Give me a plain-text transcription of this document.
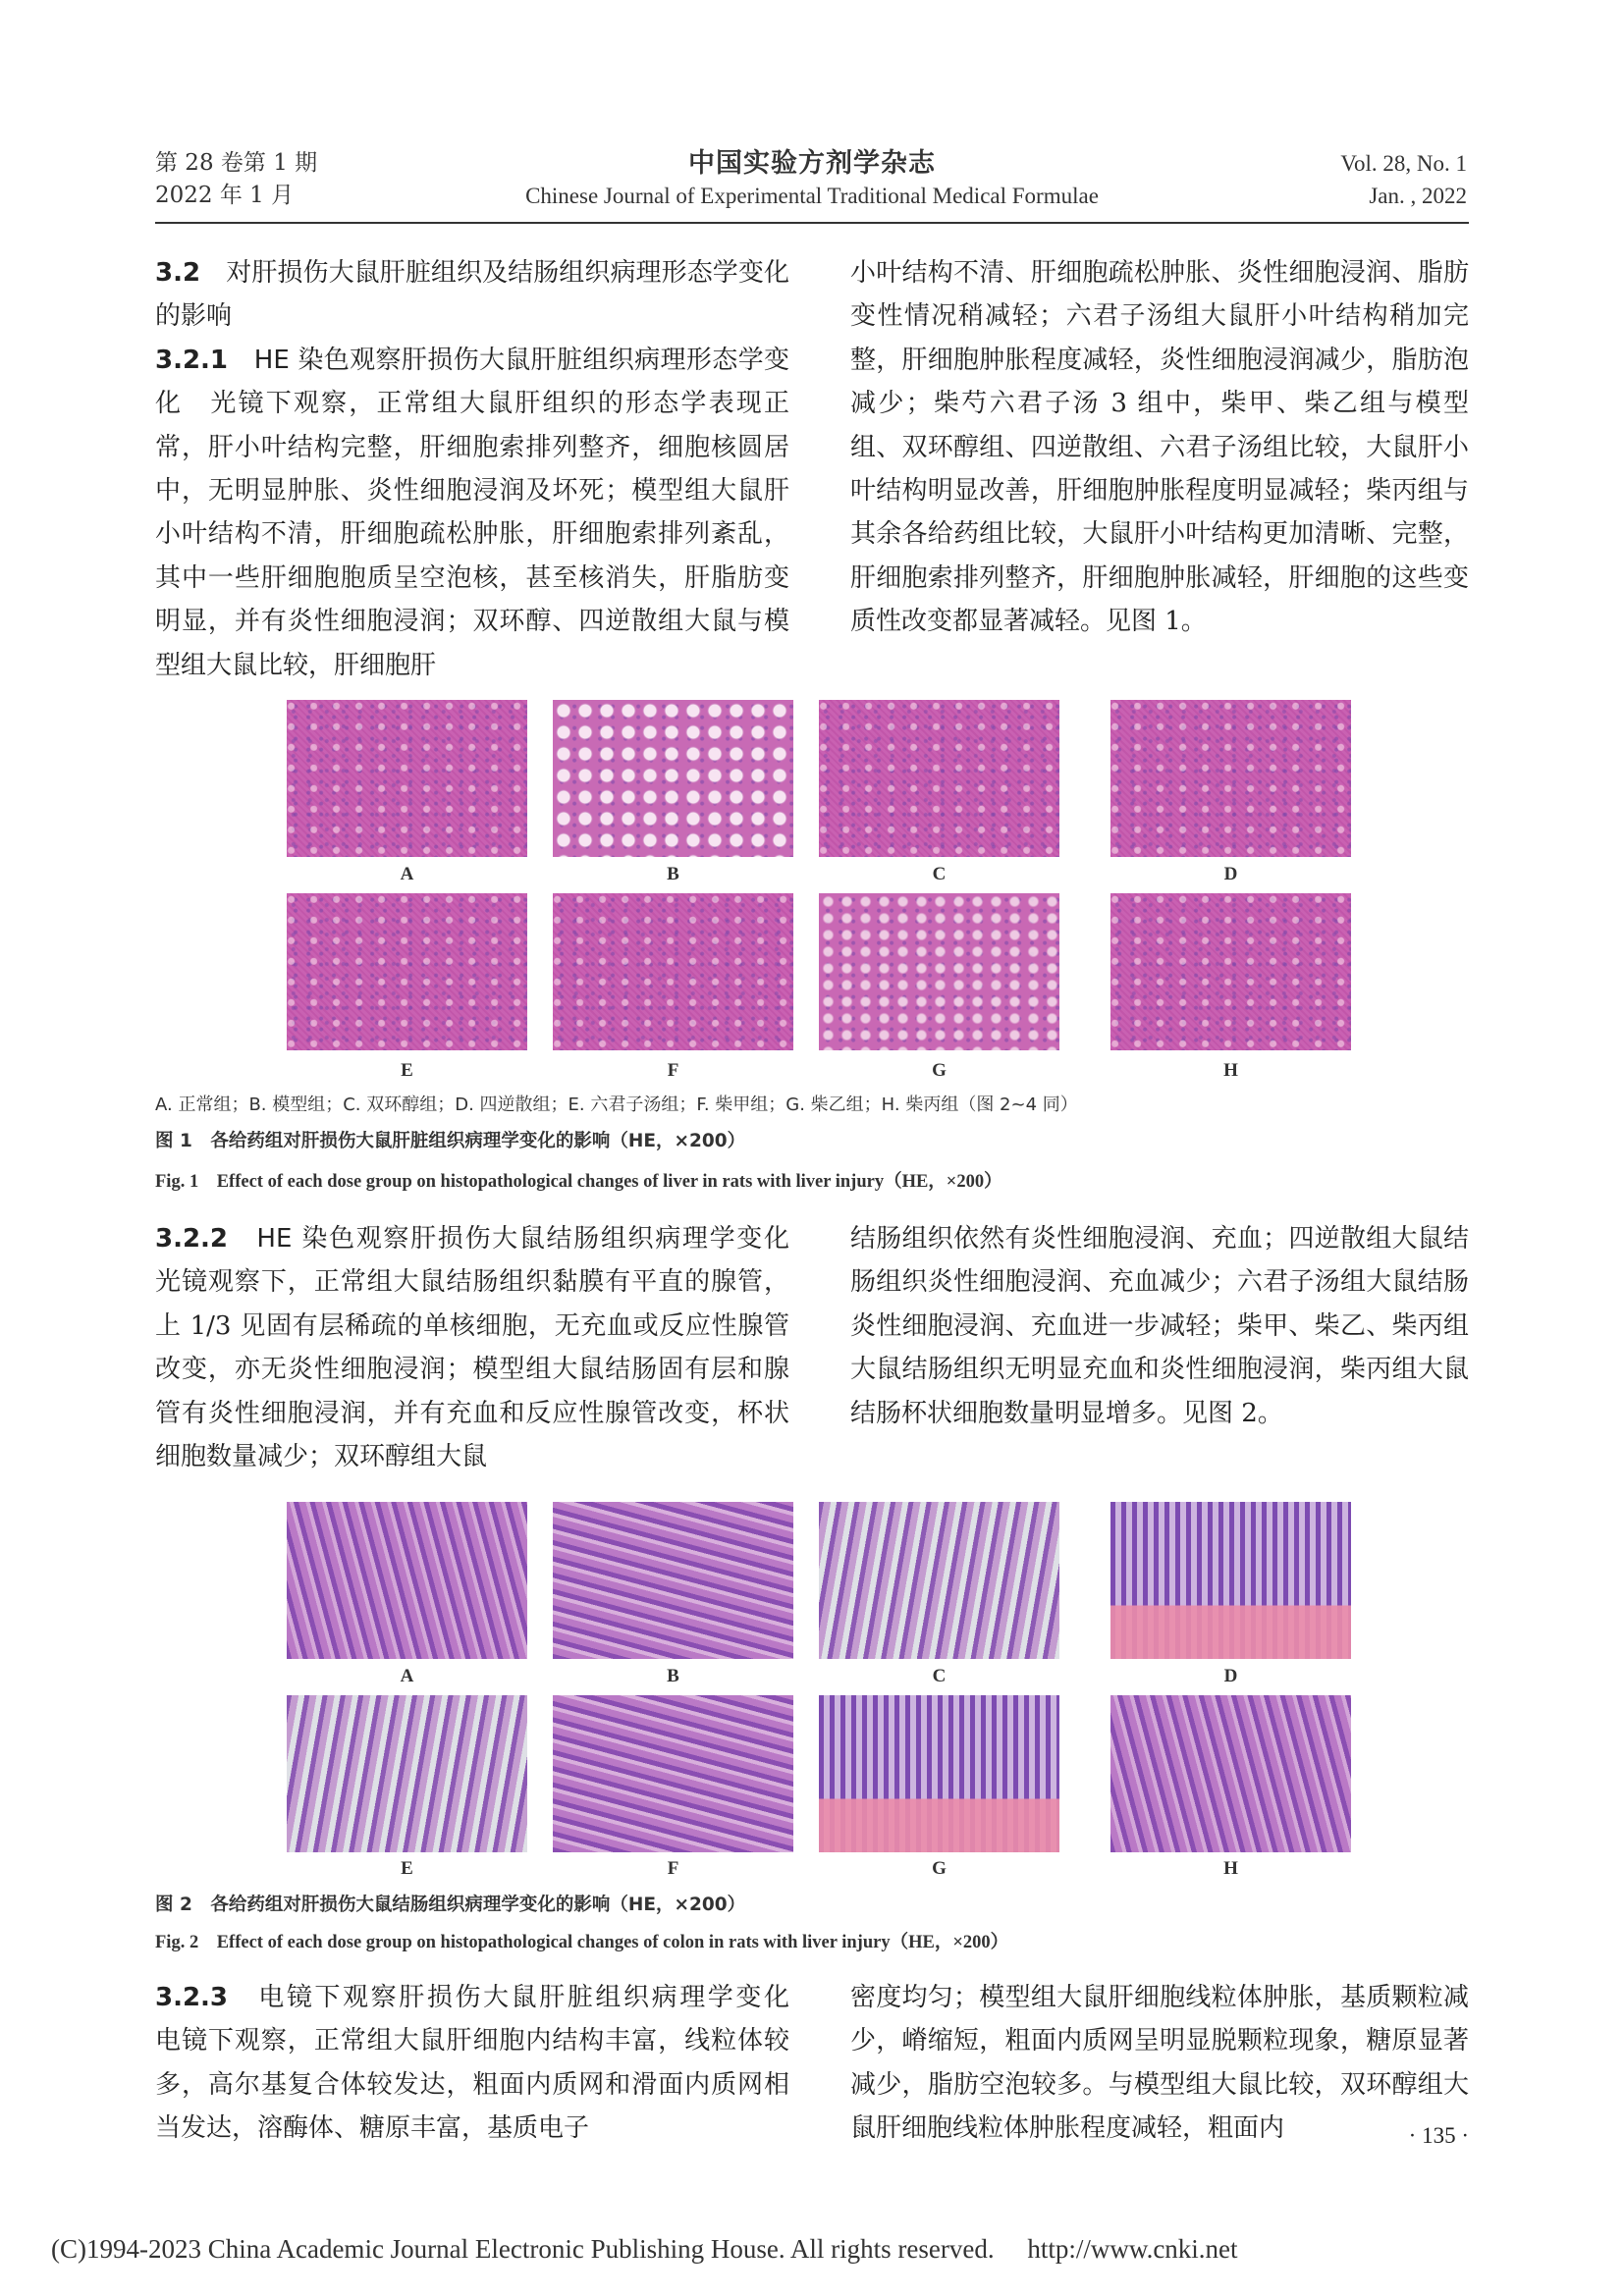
第 28 卷第 1 期
2022 年 1 月
中国实验方剂学杂志
Chinese Journal of Experimental Traditional Medical Formulae
Vol. 28, No. 1
Jan. , 2022

3.2　 对肝损伤大鼠肝脏组织及结肠组织病理形态学变化的影响

3.2.1　 HE 染色观察肝损伤大鼠肝脏组织病理形态学变化　 光镜下观察，正常组大鼠肝组织的形态学表现正常，肝小叶结构完整，肝细胞索排列整齐，细胞核圆居中，无明显肿胀、炎性细胞浸润及坏死；模型组大鼠肝小叶结构不清，肝细胞疏松肿胀，肝细胞索排列紊乱，其中一些肝细胞胞质呈空泡核，甚至核消失，肝脂肪变明显，并有炎性细胞浸润；双环醇、四逆散组大鼠与模型组大鼠比较，肝细胞肝

小叶结构不清、肝细胞疏松肿胀、炎性细胞浸润、脂肪变性情况稍减轻；六君子汤组大鼠肝小叶结构稍加完整，肝细胞肿胀程度减轻，炎性细胞浸润减少，脂肪泡减少；柴芍六君子汤 3 组中，柴甲、柴乙组与模型组、双环醇组、四逆散组、六君子汤组比较，大鼠肝小叶结构明显改善，肝细胞肿胀程度明显减轻；柴丙组与其余各给药组比较，大鼠肝小叶结构更加清晰、完整，肝细胞索排列整齐，肝细胞肿胀减轻，肝细胞的这些变质性改变都显著减轻。见图 1。

A	B	C	D
E	F	G	H
A. 正常组；B. 模型组；C. 双环醇组；D. 四逆散组；E. 六君子汤组；F. 柴甲组；G. 柴乙组；H. 柴丙组（图 2~4 同）
图 1　 各给药组对肝损伤大鼠肝脏组织病理学变化的影响（HE，×200）
Fig. 1　 Effect of each dose group on histopathological changes of liver in rats with liver injury（HE，×200）

3.2.2　 HE 染色观察肝损伤大鼠结肠组织病理学变化　光镜观察下，正常组大鼠结肠组织黏膜有平直的腺管，上 1/3 见固有层稀疏的单核细胞，无充血或反应性腺管改变，亦无炎性细胞浸润；模型组大鼠结肠固有层和腺管有炎性细胞浸润，并有充血和反应性腺管改变，杯状细胞数量减少；双环醇组大鼠

结肠组织依然有炎性细胞浸润、充血；四逆散组大鼠结肠组织炎性细胞浸润、充血减少；六君子汤组大鼠结肠炎性细胞浸润、充血进一步减轻；柴甲、柴乙、柴丙组大鼠结肠组织无明显充血和炎性细胞浸润，柴丙组大鼠结肠杯状细胞数量明显增多。见图 2。

A	B	C	D
E	F	G	H
图 2　 各给药组对肝损伤大鼠结肠组织病理学变化的影响（HE，×200）
Fig. 2　 Effect of each dose group on histopathological changes of colon in rats with liver injury（HE，×200）

3.2.3　 电镜下观察肝损伤大鼠肝脏组织病理学变化　电镜下观察，正常组大鼠肝细胞内结构丰富，线粒体较多，高尔基复合体较发达，粗面内质网和滑面内质网相当发达，溶酶体、糖原丰富，基质电子

密度均匀；模型组大鼠肝细胞线粒体肿胀，基质颗粒减少，嵴缩短，粗面内质网呈明显脱颗粒现象，糖原显著减少，脂肪空泡较多。与模型组大鼠比较，双环醇组大鼠肝细胞线粒体肿胀程度减轻，粗面内	· 135 ·
(C)1994-2023 China Academic Journal Electronic Publishing House. All rights reserved.　 http://www.cnki.net
